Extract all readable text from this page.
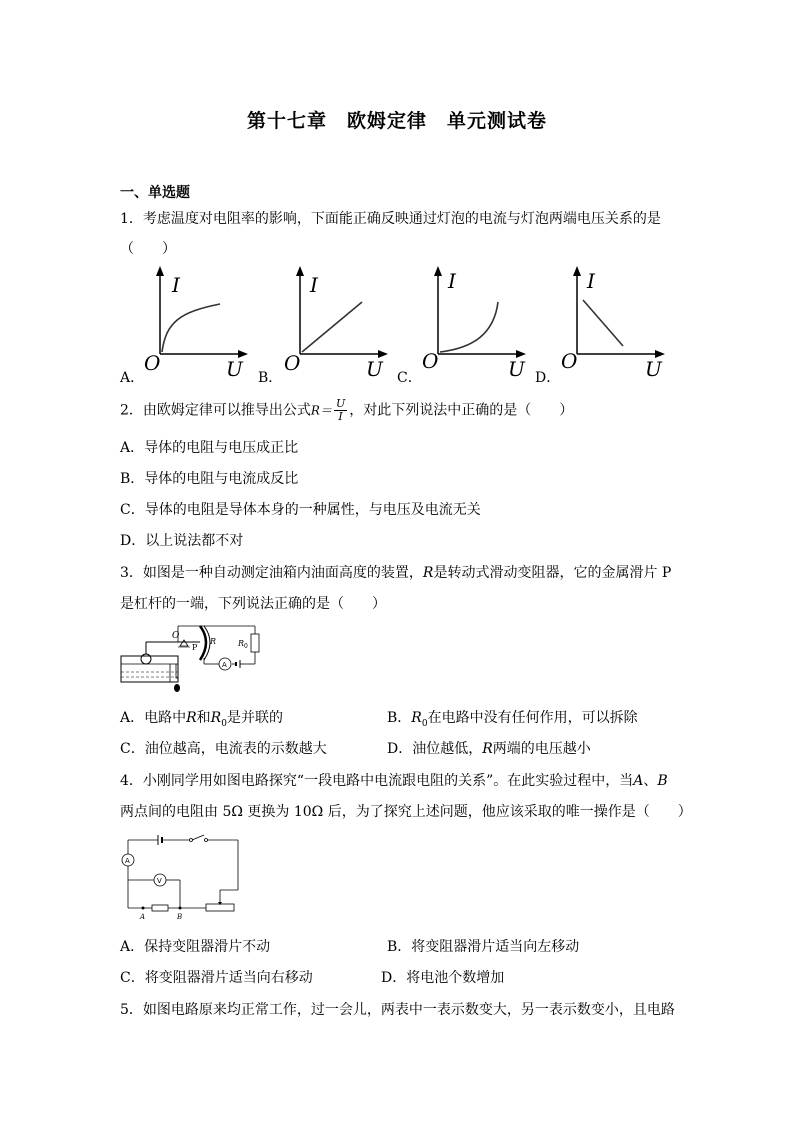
第十七章　欧姆定律　单元测试卷
一、单选题
1．考虑温度对电阻率的影响，下面能正确反映通过灯泡的电流与灯泡两端电压关系的是
（　　）
A．
I
O	U B．
I
O	U C．
I
O	U D．
I
O	U
2．由欧姆定律可以推导出公式$R= \frac{U}{I}$ ，对此下列说法中正确的是（　　）
A．导体的电阻与电压成正比
B．导体的电阻与电流成反比
C．导体的电阻是导体本身的一种属性，与电压及电流无关
D．以上说法都不对
3．如图是一种自动测定油箱内油面高度的装置，R是转动式滑动变阻器，它的金属滑片 P
是杠杆的一端，下列说法正确的是（　　）
O
P
R	R 0
A
A．电路中R和$R_0$是并联的	B．$R_0$在电路中没有任何作用，可以拆除
C．油位越高，电流表的示数越大	D．油位越低，R两端的电压越小
4．小刚同学用如图电路探究“一段电路中电流跟电阻的关系”。在此实验过程中，当A、B
两点间的电阻由 5Ω 更换为 10Ω 后，为了探究上述问题，他应该采取的唯一操作是（　　）
A
V
A	B
A．保持变阻器滑片不动	B．将变阻器滑片适当向左移动
C．将变阻器滑片适当向右移动	D．将电池个数增加
5．如图电路原来均正常工作，过一会儿，两表中一表示数变大，另一表示数变小，且电路
